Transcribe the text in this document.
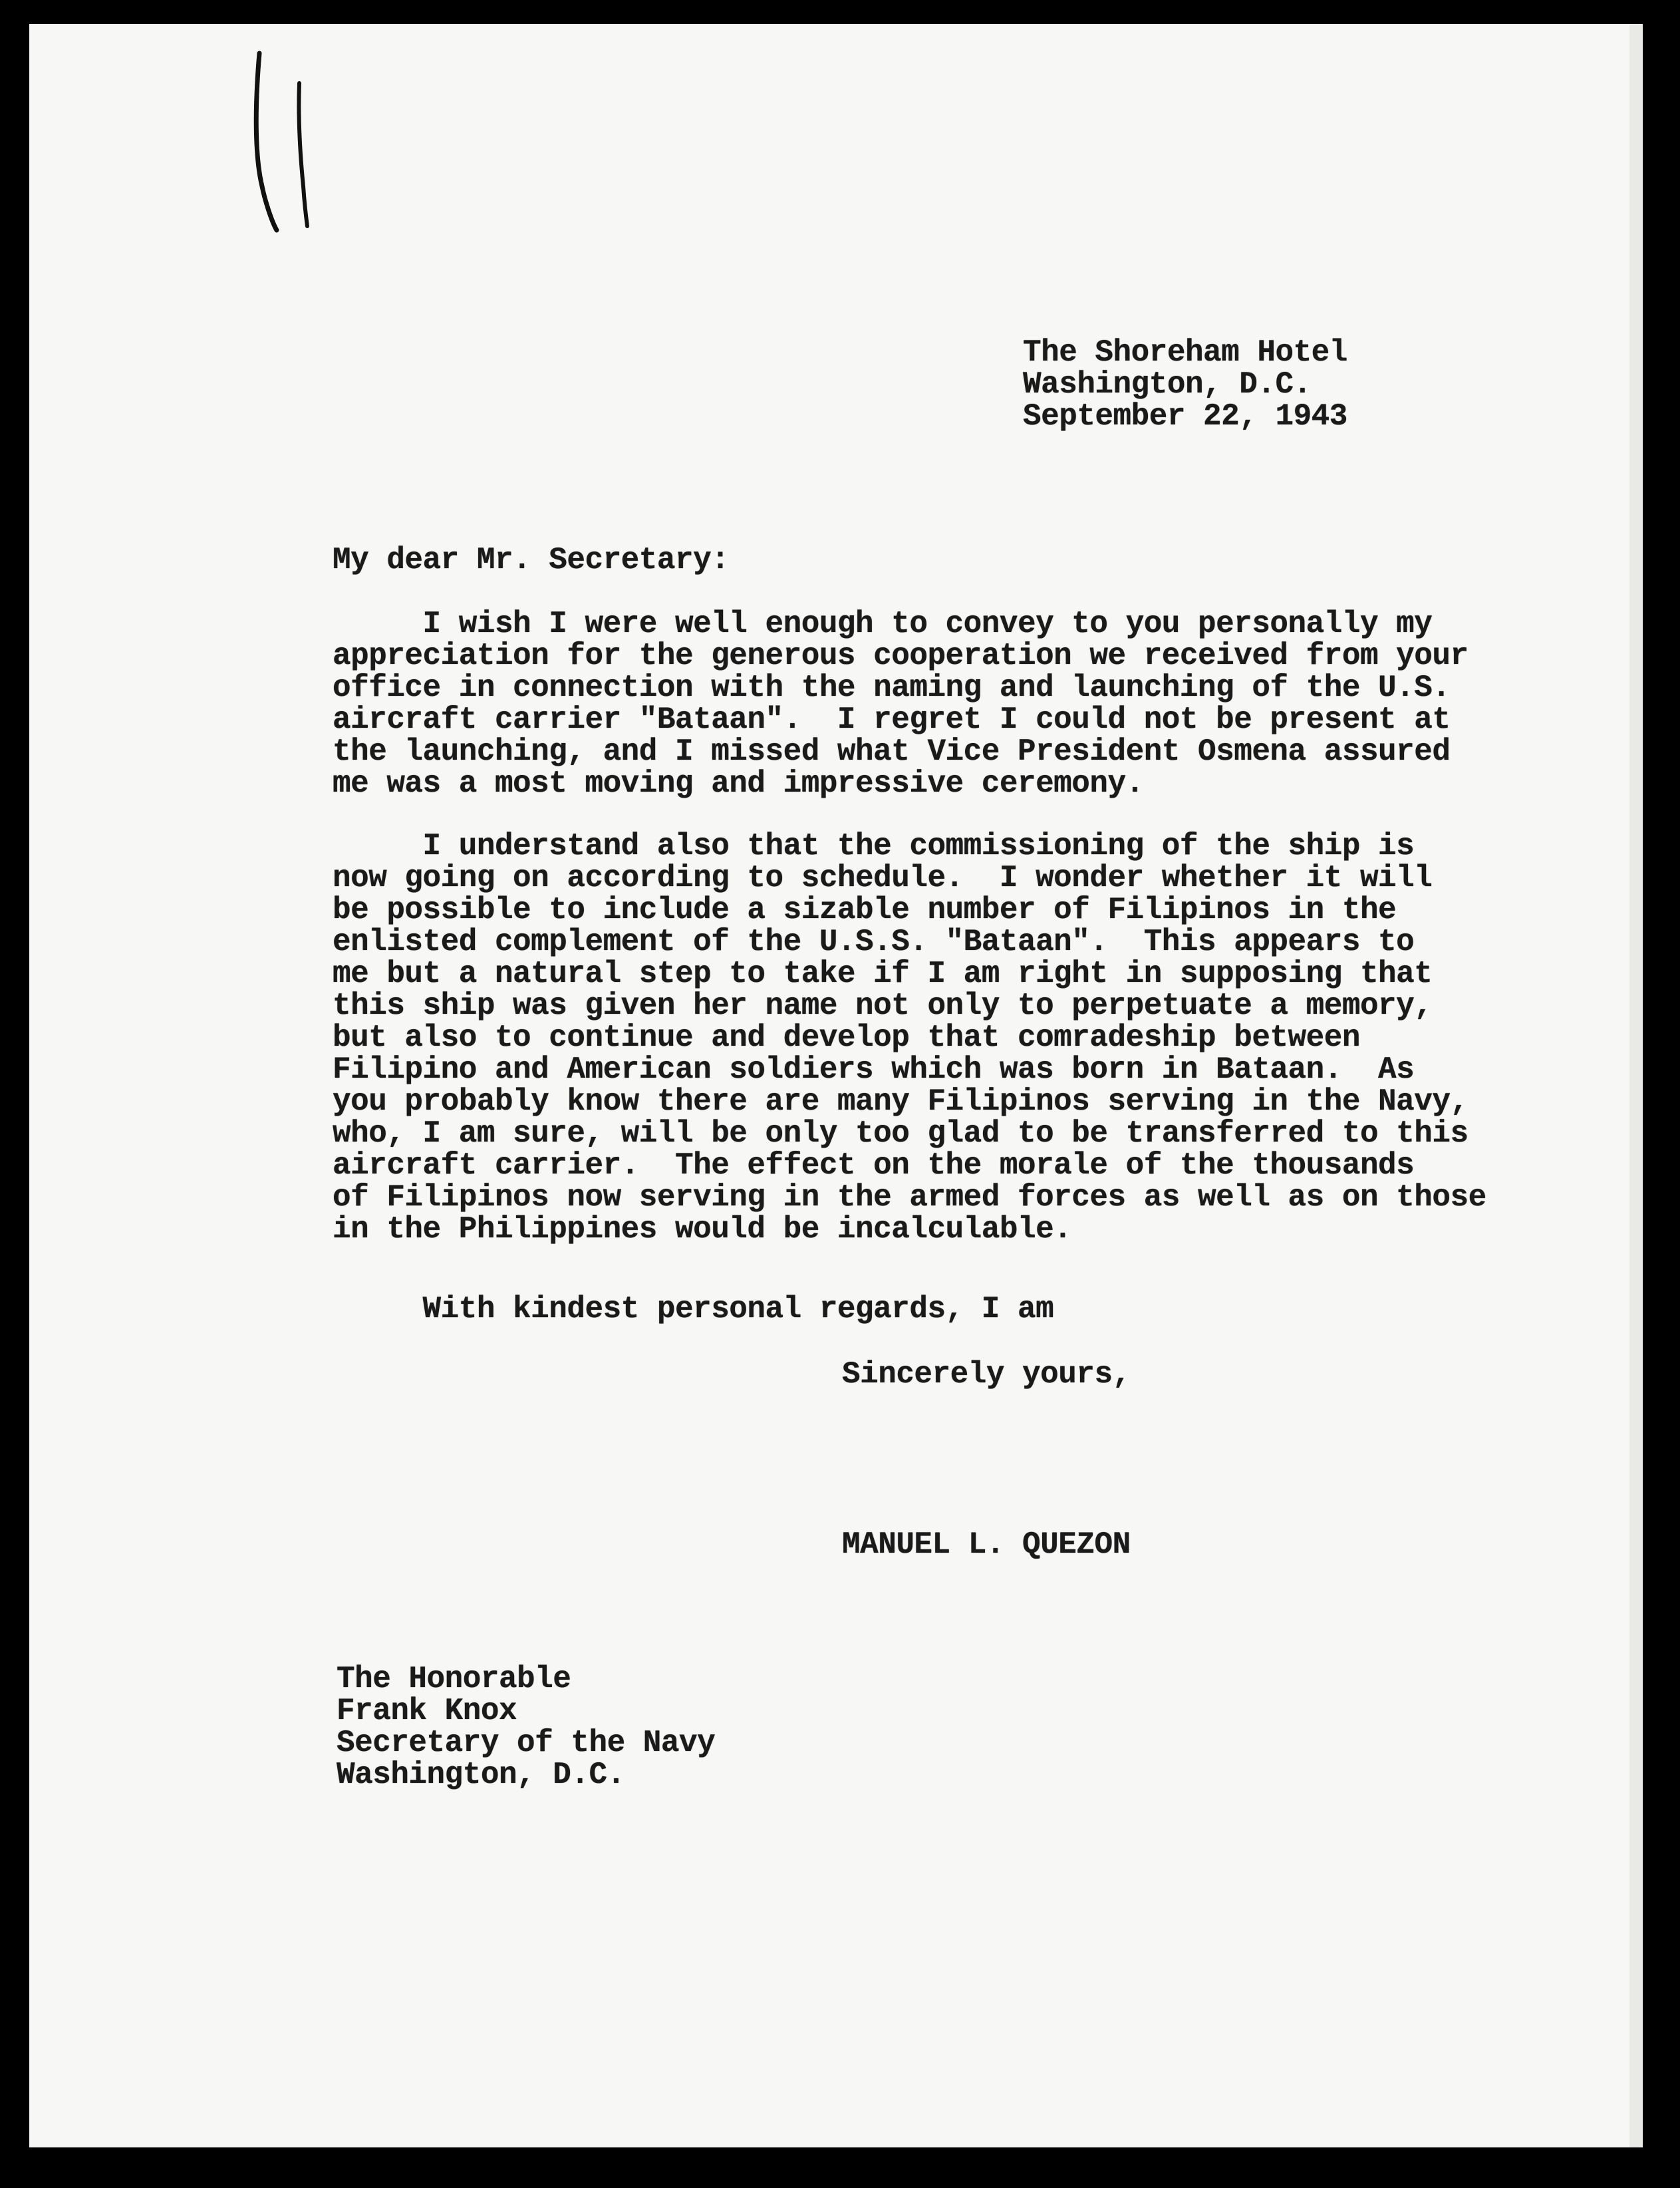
The Shoreham Hotel

Washington, D.C.

September 22, 1943

My dear Mr. Secretary:

I wish I were well enough to convey to you personally my

appreciation for the generous cooperation we received from your

office in connection with the naming and launching of the U.S.

aircraft carrier "Bataan".  I regret I could not be present at

the launching, and I missed what Vice President Osmena assured

me was a most moving and impressive ceremony.

I understand also that the commissioning of the ship is

now going on according to schedule.  I wonder whether it will

be possible to include a sizable number of Filipinos in the

enlisted complement of the U.S.S. "Bataan".  This appears to

me but a natural step to take if I am right in supposing that

this ship was given her name not only to perpetuate a memory,

but also to continue and develop that comradeship between

Filipino and American soldiers which was born in Bataan.  As

you probably know there are many Filipinos serving in the Navy,

who, I am sure, will be only too glad to be transferred to this

aircraft carrier.  The effect on the morale of the thousands

of Filipinos now serving in the armed forces as well as on those

in the Philippines would be incalculable.

With kindest personal regards, I am

Sincerely yours,

MANUEL L. QUEZON

The Honorable

Frank Knox

Secretary of the Navy

Washington, D.C.
